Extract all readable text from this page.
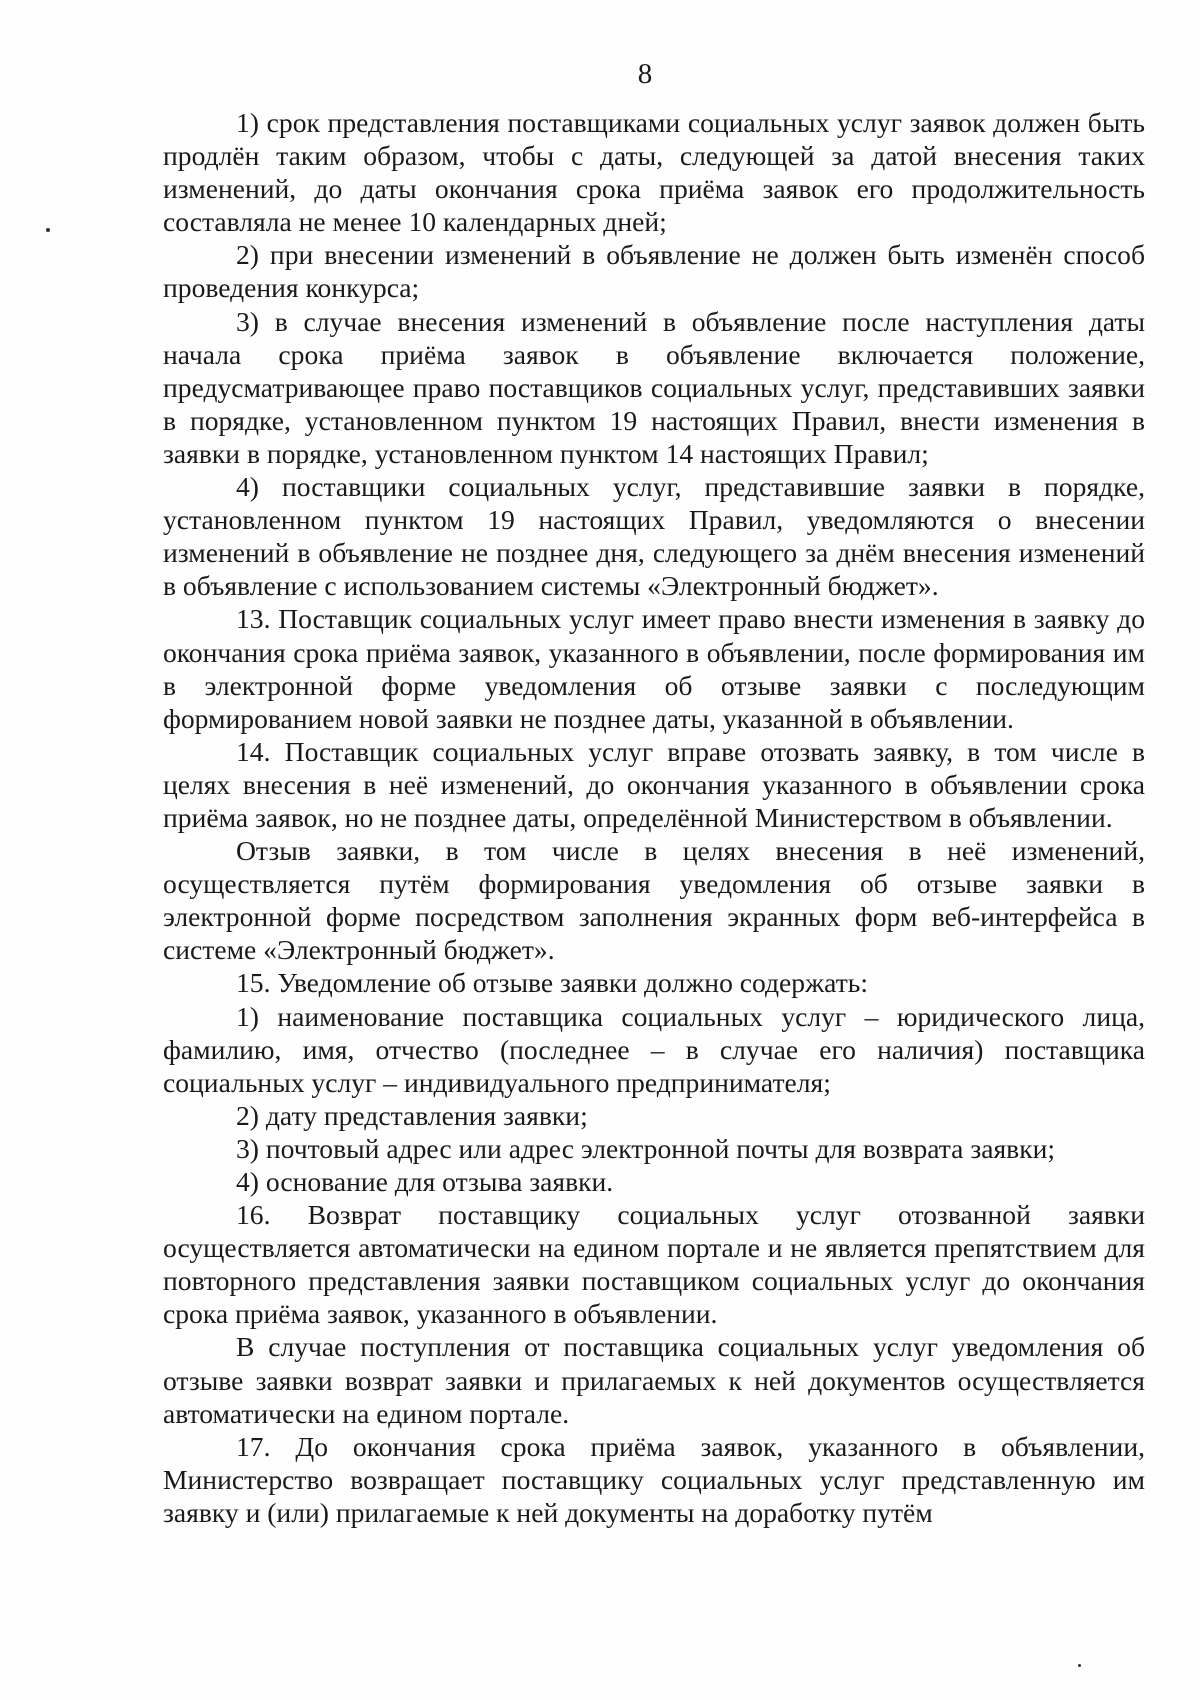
8

1) срок представления поставщиками социальных услуг заявок должен быть продлён таким образом, чтобы с даты, следующей за датой внесения таких изменений, до даты окончания срока приёма заявок его продолжительность составляла не менее 10 календарных дней;

2) при внесении изменений в объявление не должен быть изменён способ проведения конкурса;

3) в случае внесения изменений в объявление после наступления даты начала срока приёма заявок в объявление включается положение, предусматривающее право поставщиков социальных услуг, представивших заявки в порядке, установленном пунктом 19 настоящих Правил, внести изменения в заявки в порядке, установленном пунктом 14 настоящих Правил;

4) поставщики социальных услуг, представившие заявки в порядке, установленном пунктом 19 настоящих Правил, уведомляются о внесении изменений в объявление не позднее дня, следующего за днём внесения изменений в объявление с использованием системы «Электронный бюджет».

13. Поставщик социальных услуг имеет право внести изменения в заявку до окончания срока приёма заявок, указанного в объявлении, после формирования им в электронной форме уведомления об отзыве заявки с последующим формированием новой заявки не позднее даты, указанной в объявлении.

14. Поставщик социальных услуг вправе отозвать заявку, в том числе в целях внесения в неё изменений, до окончания указанного в объявлении срока приёма заявок, но не позднее даты, определённой Министерством в объявлении.

Отзыв заявки, в том числе в целях внесения в неё изменений, осуществляется путём формирования уведомления об отзыве заявки в электронной форме посредством заполнения экранных форм веб-интерфейса в системе «Электронный бюджет».

15. Уведомление об отзыве заявки должно содержать:

1) наименование поставщика социальных услуг – юридического лица, фамилию, имя, отчество (последнее – в случае его наличия) поставщика социальных услуг – индивидуального предпринимателя;

2) дату представления заявки;

3) почтовый адрес или адрес электронной почты для возврата заявки;

4) основание для отзыва заявки.

16. Возврат поставщику социальных услуг отозванной заявки осуществляется автоматически на едином портале и не является препятствием для повторного представления заявки поставщиком социальных услуг до окончания срока приёма заявок, указанного в объявлении.

В случае поступления от поставщика социальных услуг уведомления об отзыве заявки возврат заявки и прилагаемых к ней документов осуществляется автоматически на едином портале.

17. До окончания срока приёма заявок, указанного в объявлении, Министерство возвращает поставщику социальных услуг представленную им заявку и (или) прилагаемые к ней документы на доработку путём
